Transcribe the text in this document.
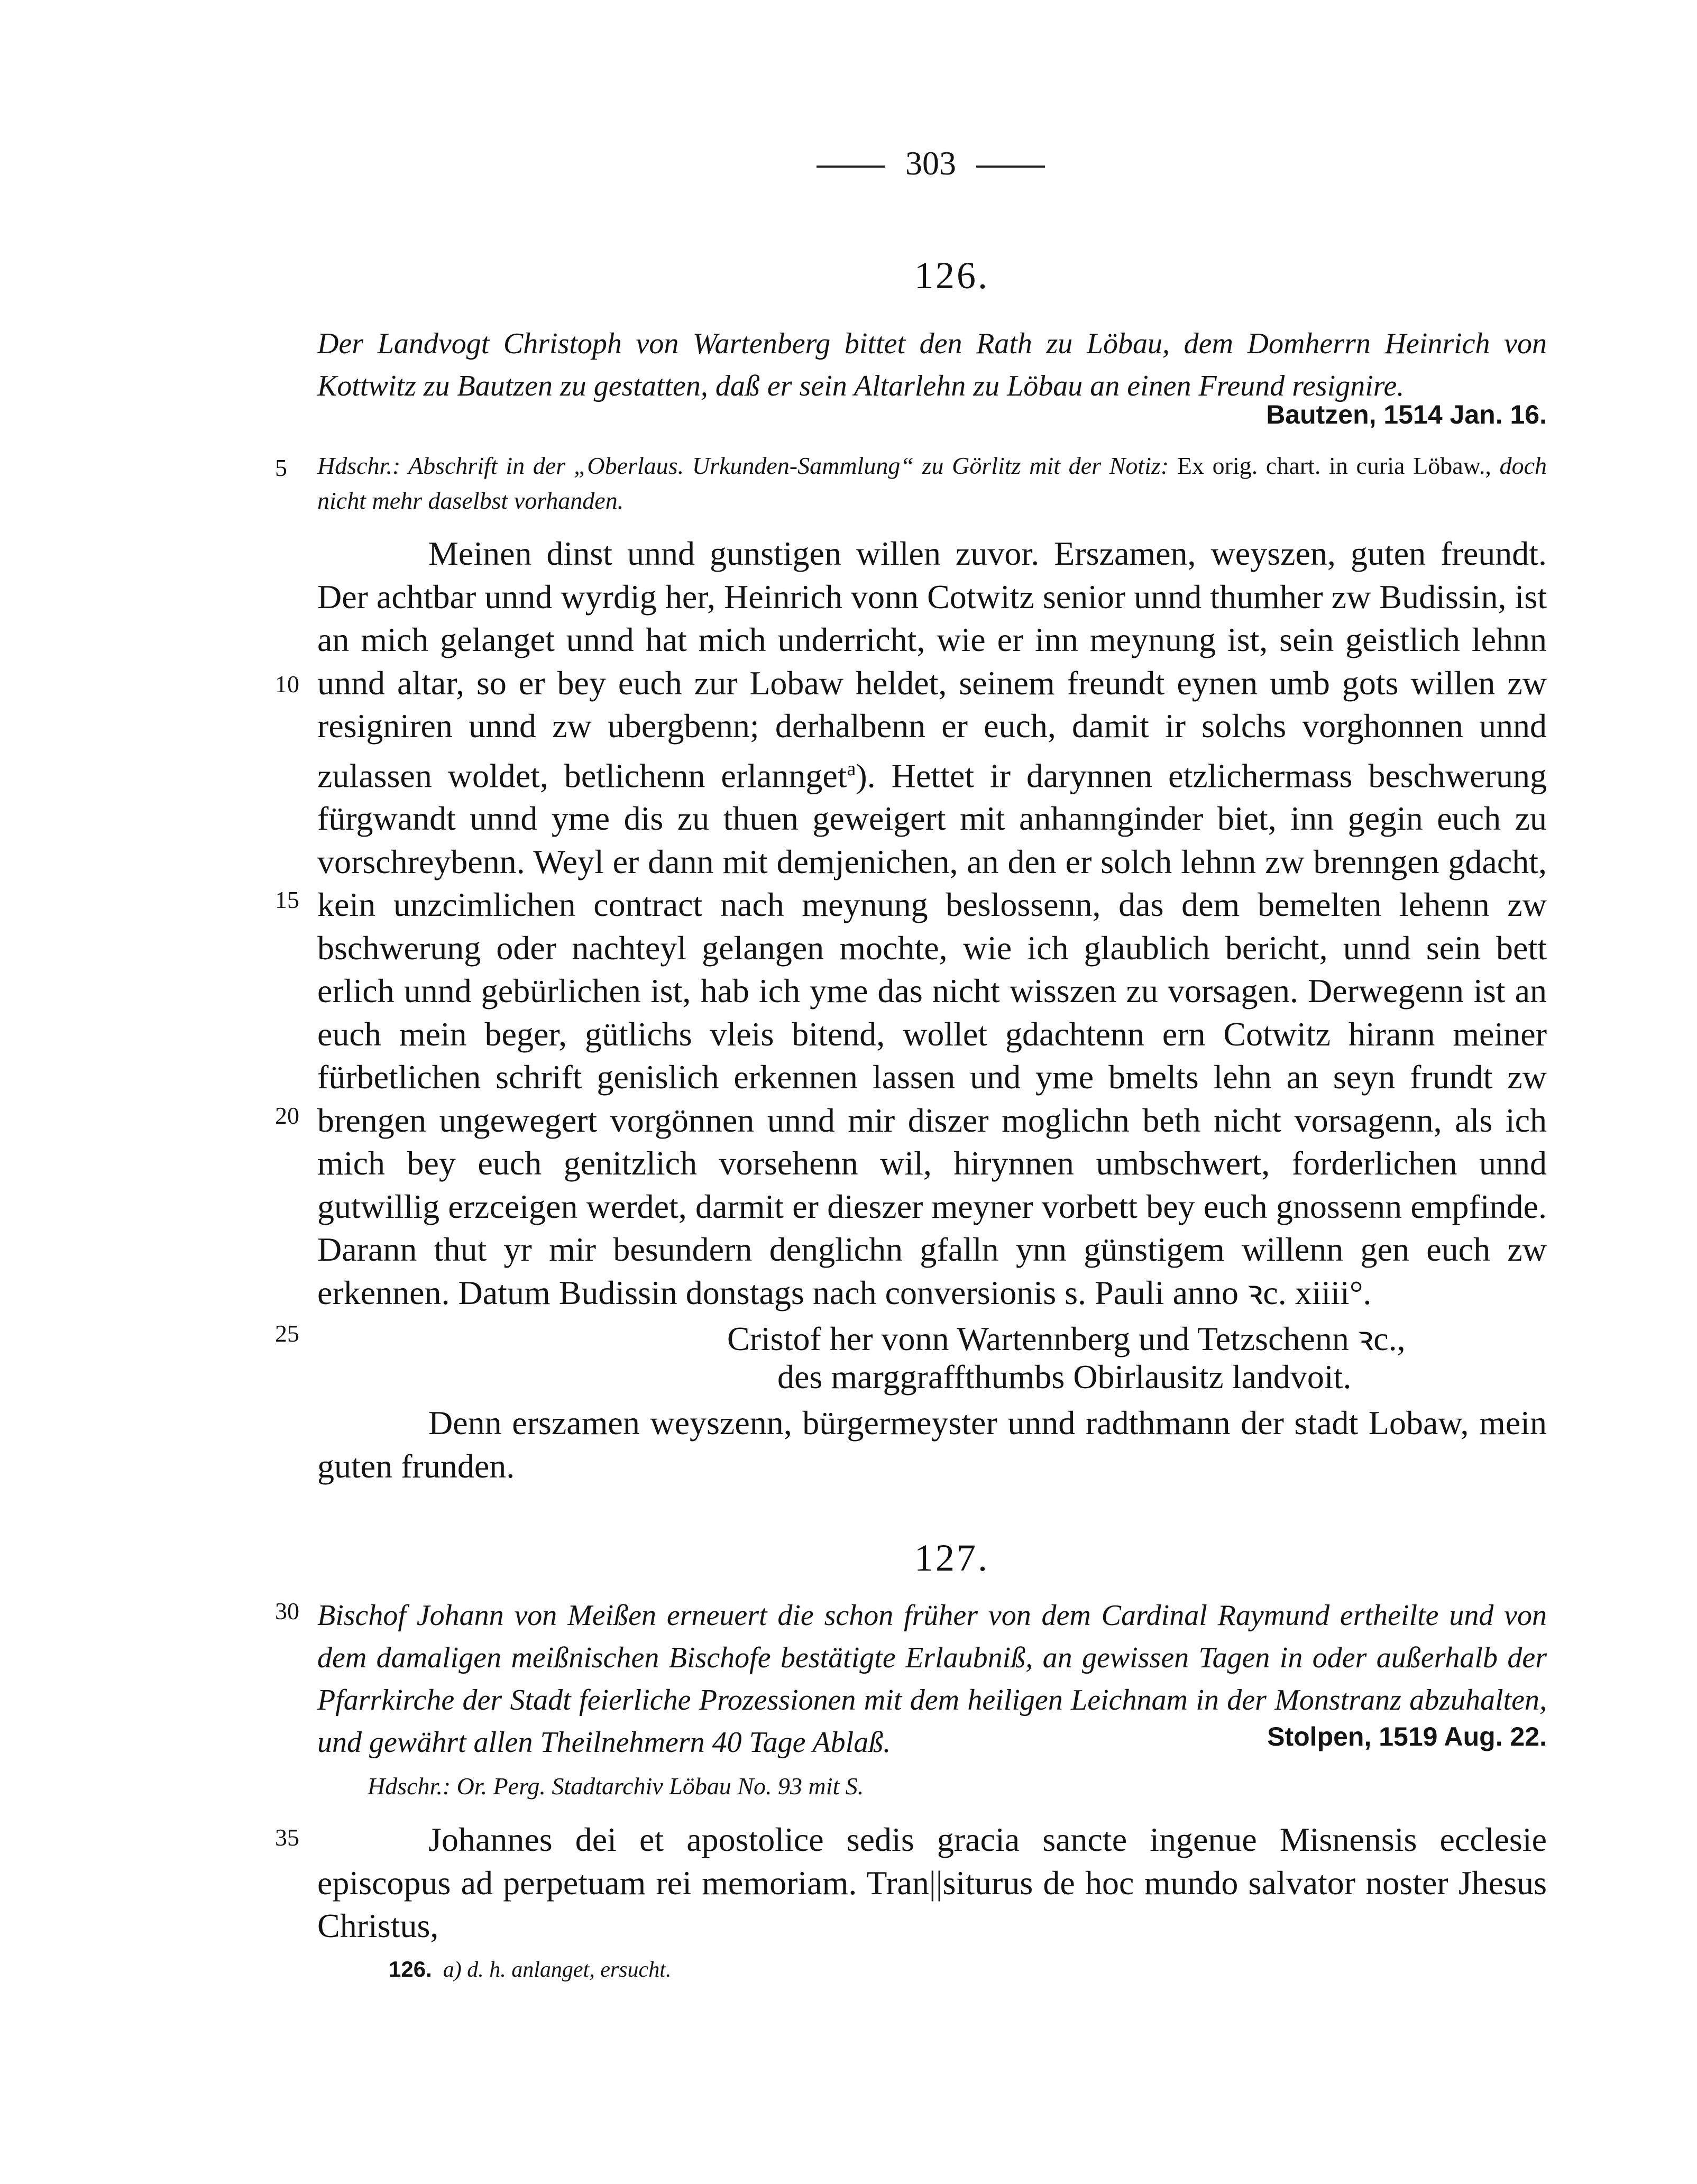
303
126.
Der Landvogt Christoph von Wartenberg bittet den Rath zu Löbau, dem Domherrn Heinrich von Kottwitz zu Bautzen zu gestatten, daß er sein Altarlehn zu Löbau an einen Freund resignire.
Bautzen, 1514 Jan. 16.
Hdschr.: Abschrift in der „Oberlaus. Urkunden-Sammlung“ zu Görlitz mit der Notiz: Ex orig. chart. in curia Löbaw., doch nicht mehr daselbst vorhanden.

Meinen dinst unnd gunstigen willen zuvor. Erszamen, weyszen, guten freundt. Der achtbar unnd wyrdig her, Heinrich vonn Cotwitz senior unnd thumher zw Budissin, ist an mich gelanget unnd hat mich underricht, wie er inn meynung ist, sein geistlich lehnn unnd altar, so er bey euch zur Lobaw heldet, seinem freundt eynen umb gots willen zw resigniren unnd zw ubergbenn; derhalbenn er euch, damit ir solchs vorghonnen unnd zulassen woldet, betlichenn erlannget$^a$). Hettet ir darynnen etzlichermass beschwerung fürgwandt unnd yme dis zu thuen geweigert mit anhannginder biet, inn gegin euch zu vorschreybenn. Weyl er dann mit demjenichen, an den er solch lehnn zw brenngen gdacht, kein unzcimlichen contract nach meynung beslossenn, das dem bemelten lehenn zw bschwerung oder nachteyl gelangen mochte, wie ich glaublich bericht, unnd sein bett erlich unnd gebürlichen ist, hab ich yme das nicht wisszen zu vorsagen. Derwegenn ist an euch mein beger, gütlichs vleis bitend, wollet gdachtenn ern Cotwitz hirann meiner fürbetlichen schrift genislich erkennen lassen und yme bmelts lehn an seyn frundt zw brengen ungewegert vorgönnen unnd mir diszer moglichn beth nicht vorsagenn, als ich mich bey euch genitzlich vorsehenn wil, hirynnen umbschwert, forderlichen unnd gutwillig erzceigen werdet, darmit er dieszer meyner vorbett bey euch gnossenn empfinde. Darann thut yr mir besundern denglichn gfalln ynn günstigem willenn gen euch zw erkennen. Datum Budissin donstags nach conversionis s. Pauli anno ꝛc. xiiii°.

Cristof her vonn Wartennberg und Tetzschenn ꝛc.,
des marggraffthumbs Obirlausitz landvoit.
Denn erszamen weyszenn, bürgermeyster unnd radthmann der stadt Lobaw, mein guten frunden.
127.
Bischof Johann von Meißen erneuert die schon früher von dem Cardinal Raymund ertheilte und von dem damaligen meißnischen Bischofe bestätigte Erlaubniß, an gewissen Tagen in oder außerhalb der Pfarrkirche der Stadt feierliche Prozessionen mit dem heiligen Leichnam in der Monstranz abzuhalten, und gewährt allen Theilnehmern 40 Tage Ablaß.	Stolpen, 1519 Aug. 22.
Hdschr.: Or. Perg. Stadtarchiv Löbau No. 93 mit S.

Johannes dei et apostolice sedis gracia sancte ingenue Misnensis ecclesie episcopus ad perpetuam rei memoriam. Tran||siturus de hoc mundo salvator noster Jhesus Christus,

5
10
15
20
25
30
35
126. a) d. h. anlanget, ersucht.
